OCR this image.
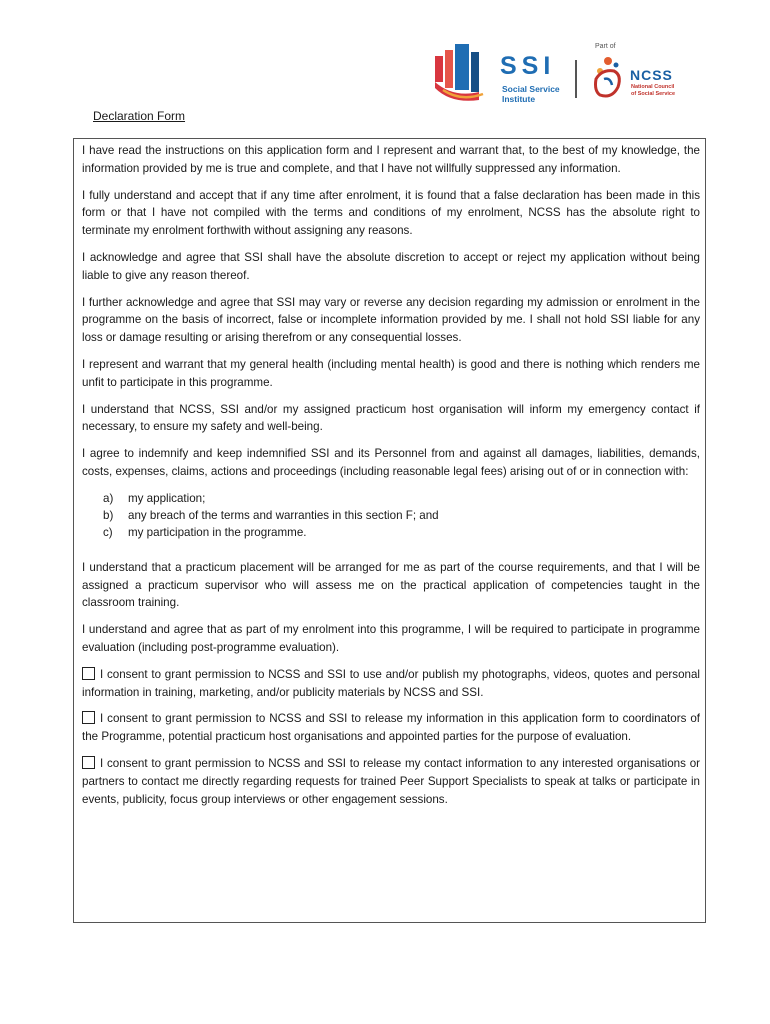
SSI
Social Service
Institute
Part of
NCSS
National Council
of Social Service
Declaration Form

I have read the instructions on this application form and I represent and warrant that, to the best of my knowledge, the information provided by me is true and complete, and that I have not willfully suppressed any information.

I fully understand and accept that if any time after enrolment, it is found that a false declaration has been made in this form or that I have not compiled with the terms and conditions of my enrolment, NCSS has the absolute right to terminate my enrolment forthwith without assigning any reasons.

I acknowledge and agree that SSI shall have the absolute discretion to accept or reject my application without being liable to give any reason thereof.

I further acknowledge and agree that SSI may vary or reverse any decision regarding my admission or enrolment in the programme on the basis of incorrect, false or incomplete information provided by me. I shall not hold SSI liable for any loss or damage resulting or arising therefrom or any consequential losses.

I represent and warrant that my general health (including mental health) is good and there is nothing which renders me unfit to participate in this programme.

I understand that NCSS, SSI and/or my assigned practicum host organisation will inform my emergency contact if necessary, to ensure my safety and well-being.

I agree to indemnify and keep indemnified SSI and its Personnel from and against all damages, liabilities, demands, costs, expenses, claims, actions and proceedings (including reasonable legal fees) arising out of or in connection with:

a) my application;
b) any breach of the terms and warranties in this section F; and
c) my participation in the programme.

I understand that a practicum placement will be arranged for me as part of the course requirements, and that I will be assigned a practicum supervisor who will assess me on the practical application of competencies taught in the classroom training.

I understand and agree that as part of my enrolment into this programme, I will be required to participate in programme evaluation (including post-programme evaluation).

I consent to grant permission to NCSS and SSI to use and/or publish my photographs, videos, quotes and personal information in training, marketing, and/or publicity materials by NCSS and SSI.
I consent to grant permission to NCSS and SSI to release my information in this application form to coordinators of the Programme, potential practicum host organisations and appointed parties for the purpose of evaluation.
I consent to grant permission to NCSS and SSI to release my contact information to any interested organisations or partners to contact me directly regarding requests for trained Peer Support Specialists to speak at talks or participate in events, publicity, focus group interviews or other engagement sessions.
